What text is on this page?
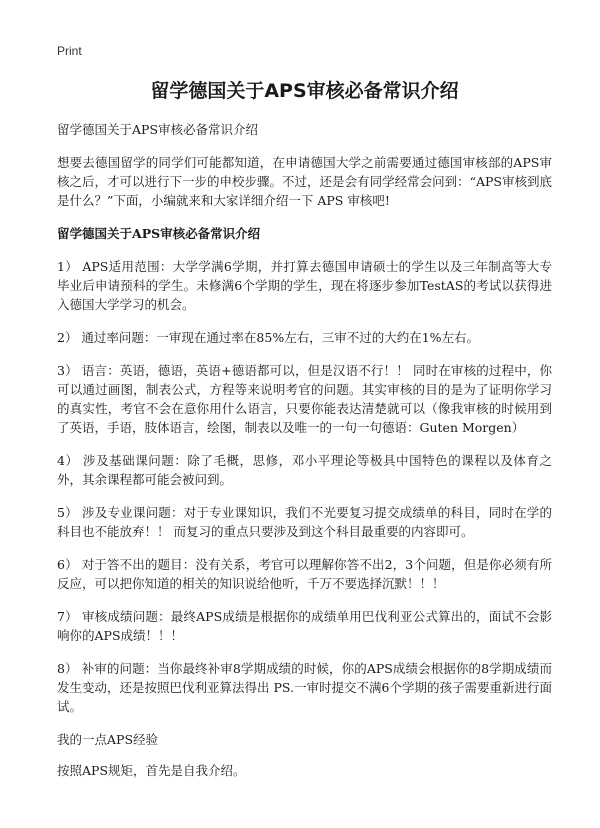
Print
留学德国关于APS审核必备常识介绍

留学德国关于APS审核必备常识介绍

想要去德国留学的同学们可能都知道，在申请德国大学之前需要通过德国审核部的APS审核之后，才可以进行下一步的申校步骤。不过，还是会有同学经常会问到：“APS审核到底是什么？”下面，小编就来和大家详细介绍一下 APS 审核吧!

留学德国关于APS审核必备常识介绍

1） APS适用范围：大学学满6学期，并打算去德国申请硕士的学生以及三年制高等大专毕业后申请预科的学生。未修满6个学期的学生，现在将逐步参加TestAS的考试以获得进入德国大学学习的机会。

2） 通过率问题：一审现在通过率在85%左右，三审不过的大约在1%左右。

3） 语言：英语，德语，英语+德语都可以，但是汉语不行！！ 同时在审核的过程中，你可以通过画图，制表公式，方程等来说明考官的问题。其实审核的目的是为了证明你学习的真实性，考官不会在意你用什么语言，只要你能表达清楚就可以（像我审核的时候用到了英语，手语，肢体语言，绘图，制表以及唯一的一句一句德语：Guten Morgen）

4） 涉及基础课问题：除了毛概，思修，邓小平理论等极具中国特色的课程以及体育之外，其余课程都可能会被问到。

5） 涉及专业课问题：对于专业课知识，我们不光要复习提交成绩单的科目，同时在学的科目也不能放弃！！ 而复习的重点只要涉及到这个科目最重要的内容即可。

6） 对于答不出的题目：没有关系，考官可以理解你答不出2，3个问题，但是你必须有所反应，可以把你知道的相关的知识说给他听，千万不要选择沉默！！！

7） 审核成绩问题：最终APS成绩是根据你的成绩单用巴伐利亚公式算出的，面试不会影响你的APS成绩！！！

8） 补审的问题：当你最终补审8学期成绩的时候，你的APS成绩会根据你的8学期成绩而发生变动，还是按照巴伐利亚算法得出 PS.一审时提交不满6个学期的孩子需要重新进行面试。

我的一点APS经验

按照APS规矩，首先是自我介绍。
